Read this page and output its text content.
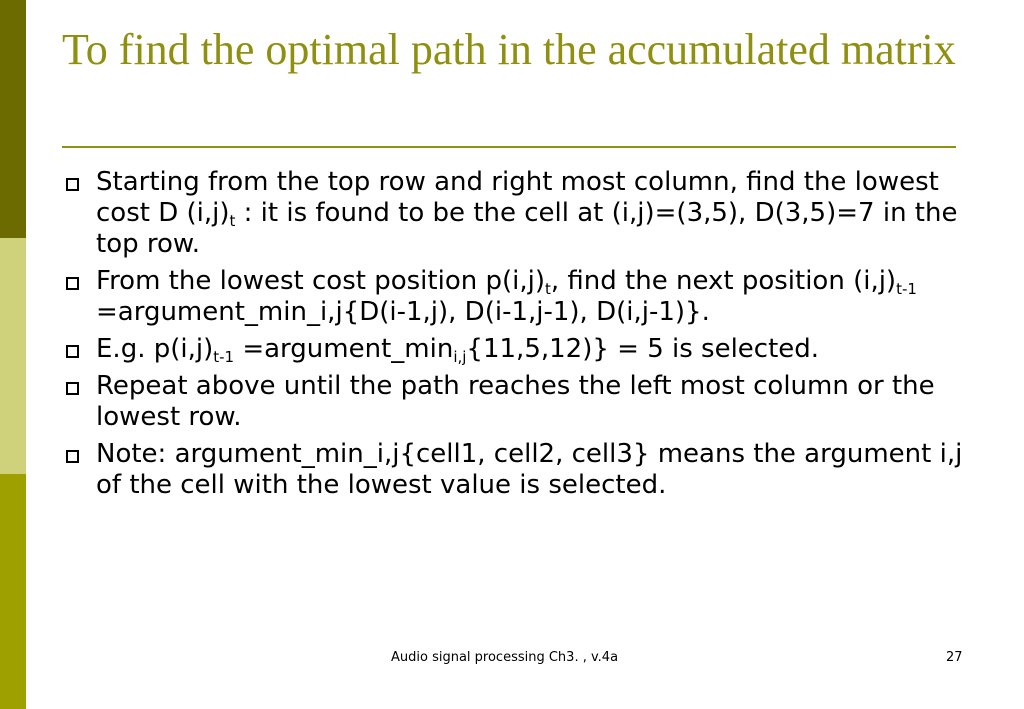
To find the optimal path in the accumulated matrix
Starting from the top row and right most column, find the lowest cost D $(i,j)_t$ : it is found to be the cell at (i,j)=(3,5), D(3,5)=7 in the top row.
From the lowest cost position $p(i,j)_t$, find the next position $(i,j)_{t-1}$ =argument_min_i,j{D(i-1,j), D(i-1,j-1), D(i,j-1)}.
E.g. $p(i,j)_{t-1}$ $=argument\_\min_{i,j}\{11,5,12)\} = 5$ is selected.
Repeat above until the path reaches the left most column or the lowest row.
Note: argument_min_i,j{cell1, cell2, cell3} means the argument i,j of the cell with the lowest value is selected.
Audio signal processing Ch3. , v.4a	27
